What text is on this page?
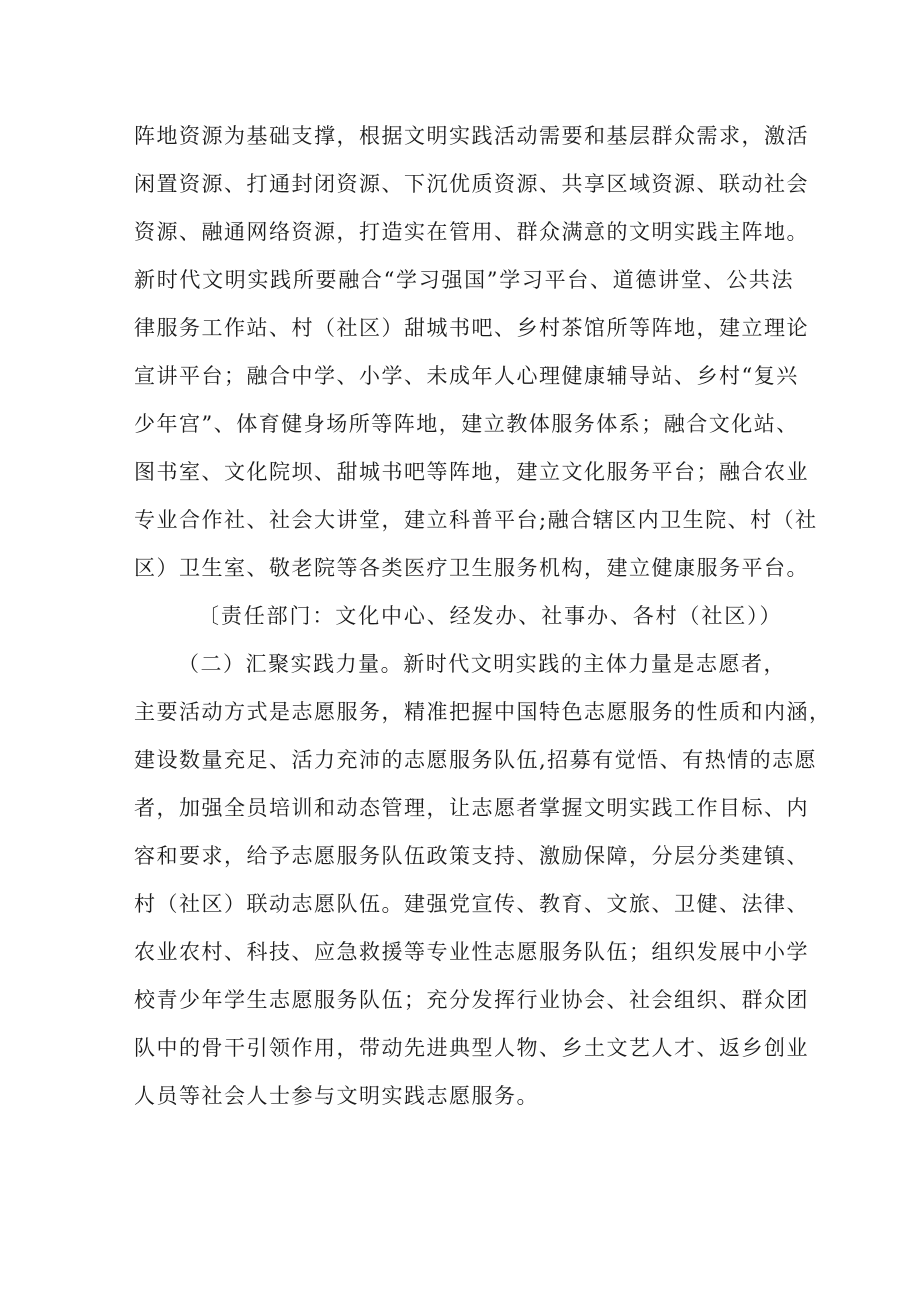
阵地资源为基础支撑，根据文明实践活动需要和基层群众需求，激活
闲置资源、打通封闭资源、下沉优质资源、共享区域资源、联动社会
资源、融通网络资源，打造实在管用、群众满意的文明实践主阵地。
新时代文明实践所要融合“学习强国”学习平台、道德讲堂、公共法
律服务工作站、村（社区）甜城书吧、乡村茶馆所等阵地，建立理论
宣讲平台；融合中学、小学、未成年人心理健康辅导站、乡村“复兴
少年宫”、体育健身场所等阵地，建立教体服务体系；融合文化站、
图书室、文化院坝、甜城书吧等阵地，建立文化服务平台；融合农业
专业合作社、社会大讲堂，建立科普平台;融合辖区内卫生院、村（社
区）卫生室、敬老院等各类医疗卫生服务机构，建立健康服务平台。
〔责任部门：文化中心、经发办、社事办、各村（社区））
（二）汇聚实践力量。新时代文明实践的主体力量是志愿者，
主要活动方式是志愿服务，精准把握中国特色志愿服务的性质和内涵，
建设数量充足、活力充沛的志愿服务队伍,招募有觉悟、有热情的志愿
者，加强全员培训和动态管理，让志愿者掌握文明实践工作目标、内
容和要求，给予志愿服务队伍政策支持、激励保障，分层分类建镇、
村（社区）联动志愿队伍。建强党宣传、教育、文旅、卫健、法律、
农业农村、科技、应急救援等专业性志愿服务队伍；组织发展中小学
校青少年学生志愿服务队伍；充分发挥行业协会、社会组织、群众团
队中的骨干引领作用，带动先进典型人物、乡土文艺人才、返乡创业
人员等社会人士参与文明实践志愿服务。
